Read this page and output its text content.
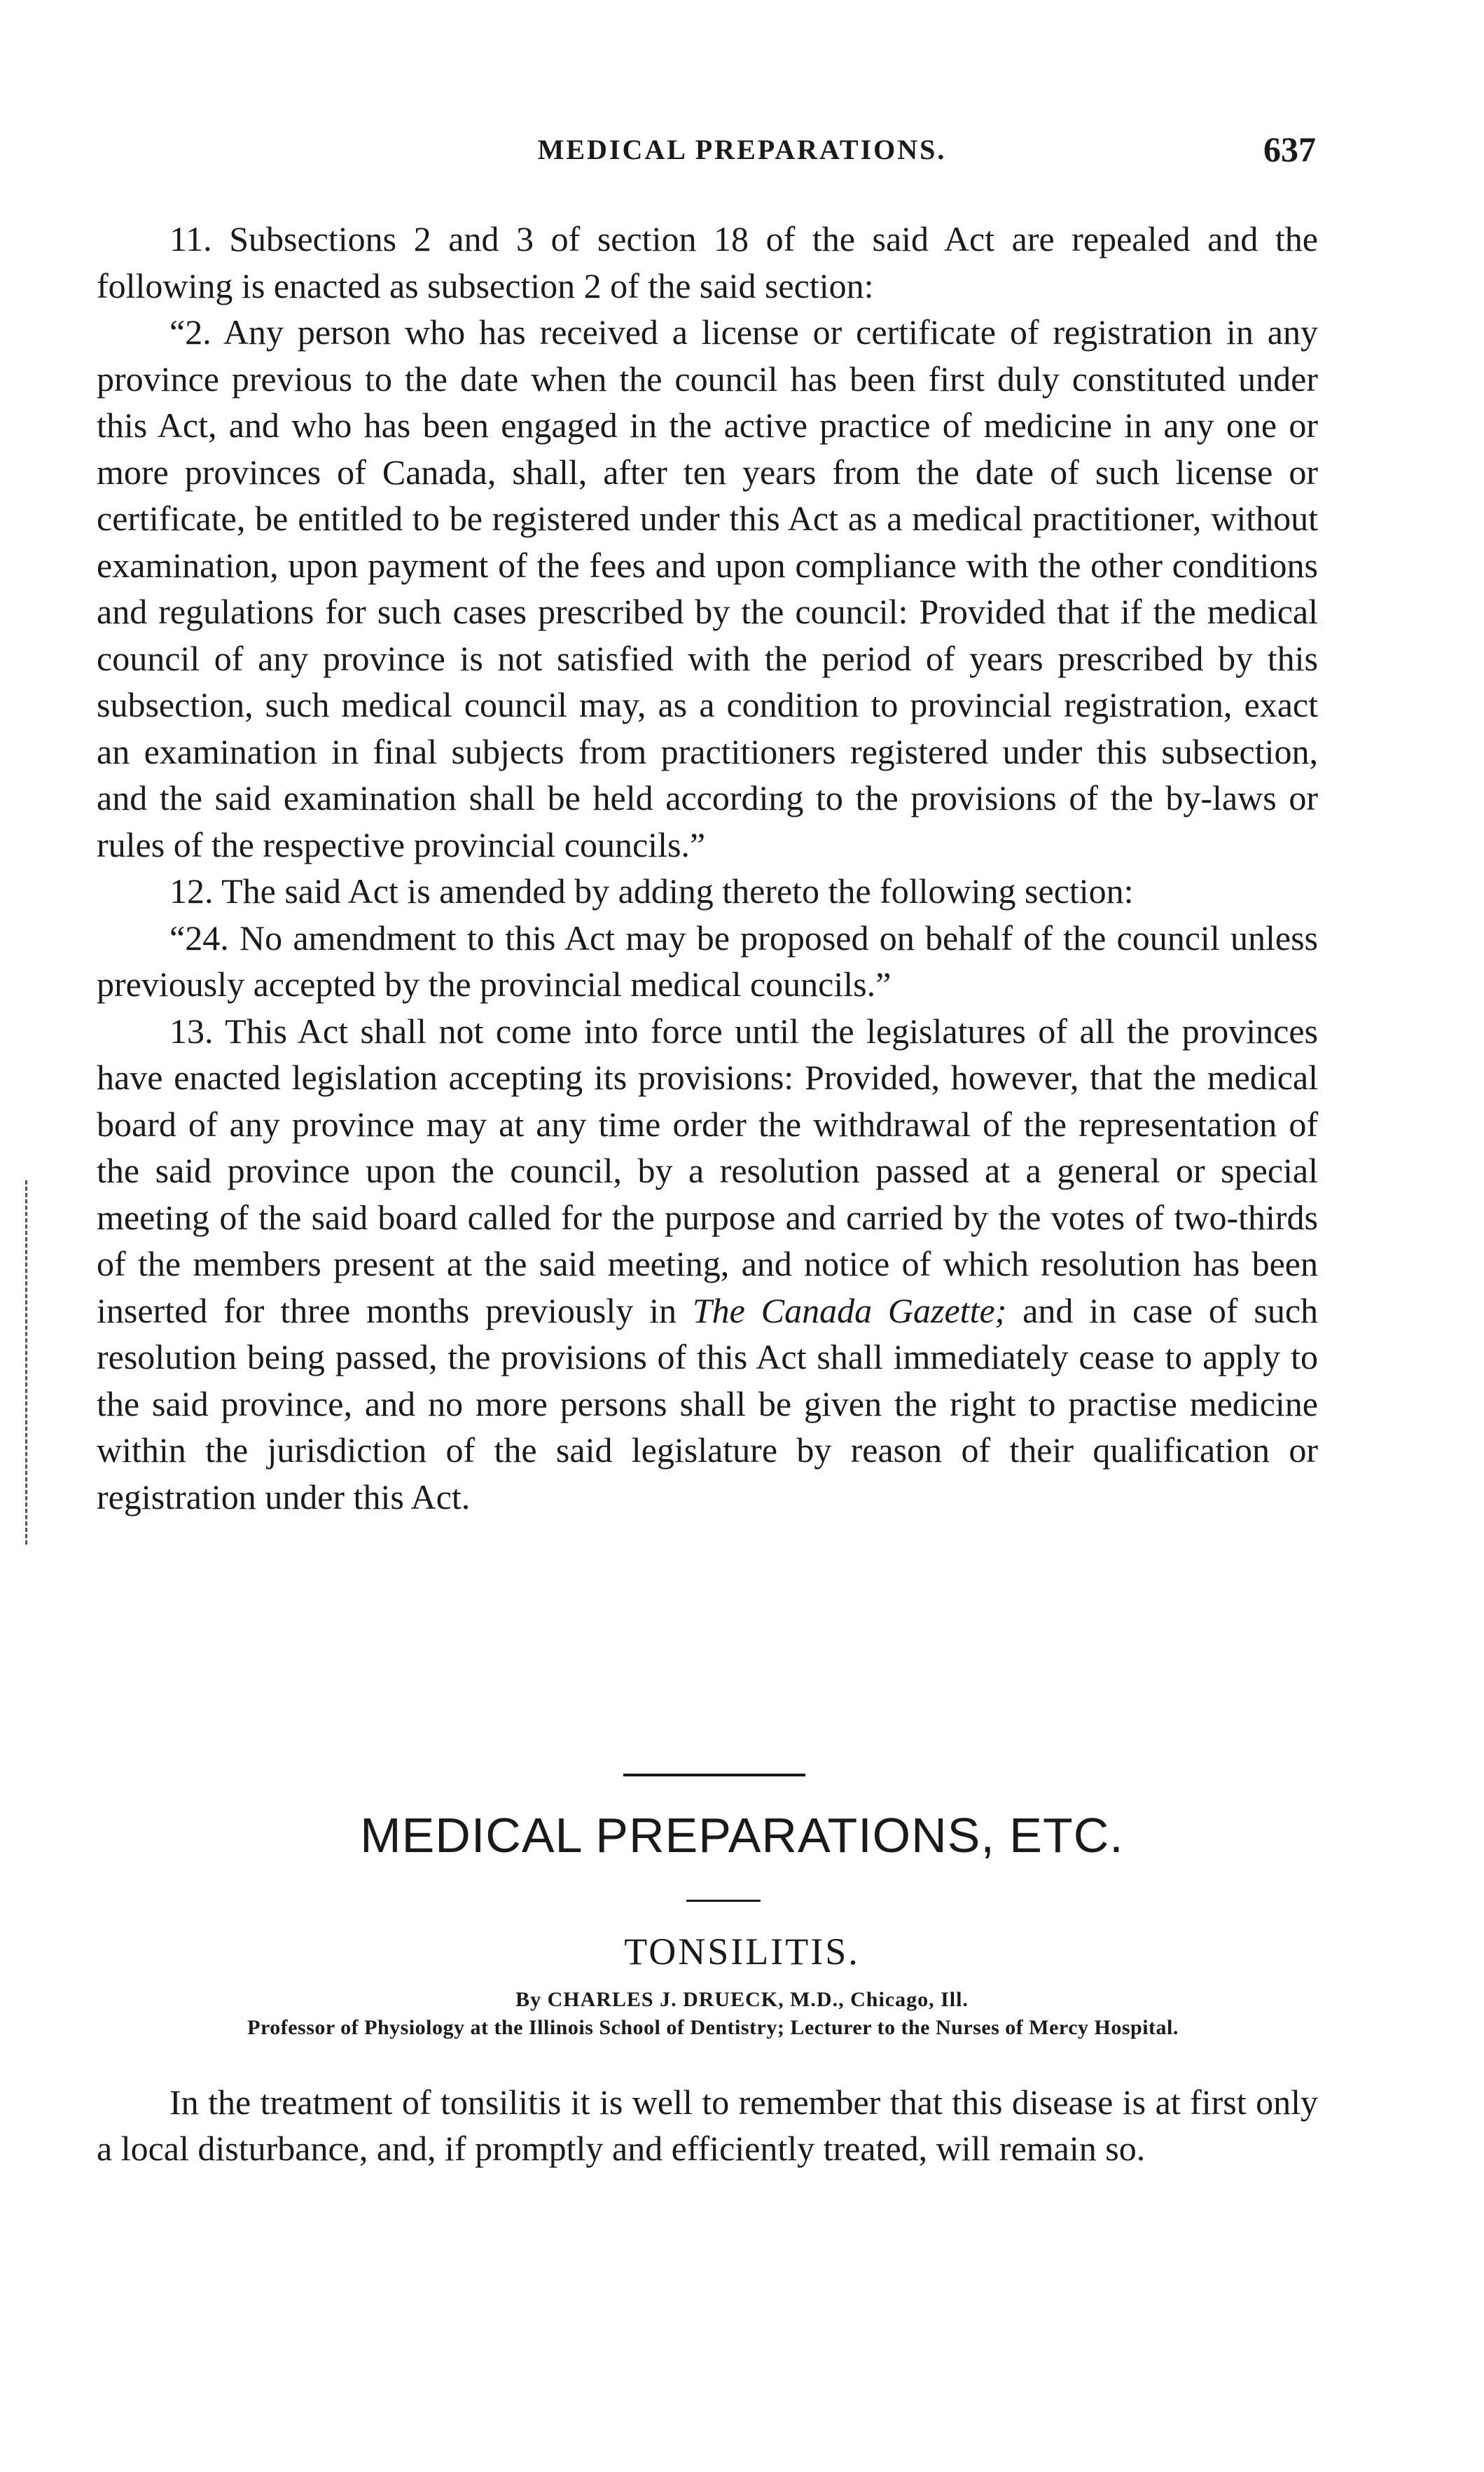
MEDICAL PREPARATIONS.	637

11. Subsections 2 and 3 of section 18 of the said Act are repealed and the following is enacted as subsection 2 of the said section:

“2. Any person who has received a license or certificate of registration in any province previous to the date when the council has been first duly constituted under this Act, and who has been engaged in the active practice of medicine in any one or more provinces of Canada, shall, after ten years from the date of such license or certificate, be entitled to be registered under this Act as a medical practitioner, without examination, upon payment of the fees and upon compliance with the other conditions and regulations for such cases prescribed by the council: Provided that if the medical council of any province is not satisfied with the period of years prescribed by this subsection, such medical council may, as a condition to provincial registration, exact an examination in final subjects from practitioners registered under this subsection, and the said examination shall be held according to the provisions of the by-laws or rules of the respective provincial councils.”

12. The said Act is amended by adding thereto the following section:

“24. No amendment to this Act may be proposed on behalf of the council unless previously accepted by the provincial medical councils.”

13. This Act shall not come into force until the legislatures of all the provinces have enacted legislation accepting its provisions: Provided, however, that the medical board of any province may at any time order the withdrawal of the representation of the said province upon the council, by a resolution passed at a general or special meeting of the said board called for the purpose and carried by the votes of two-thirds of the members present at the said meeting, and notice of which resolution has been inserted for three months previously in The Canada Gazette; and in case of such resolution being passed, the provisions of this Act shall immediately cease to apply to the said province, and no more persons shall be given the right to practise medicine within the jurisdiction of the said legislature by reason of their qualification or registration under this Act.

MEDICAL PREPARATIONS, ETC.
TONSILITIS.
By CHARLES J. DRUECK, M.D., Chicago, Ill.
Professor of Physiology at the Illinois School of Dentistry; Lecturer to the Nurses of Mercy Hospital.

In the treatment of tonsilitis it is well to remember that this disease is at first only a local disturbance, and, if promptly and efficiently treated, will remain so.
